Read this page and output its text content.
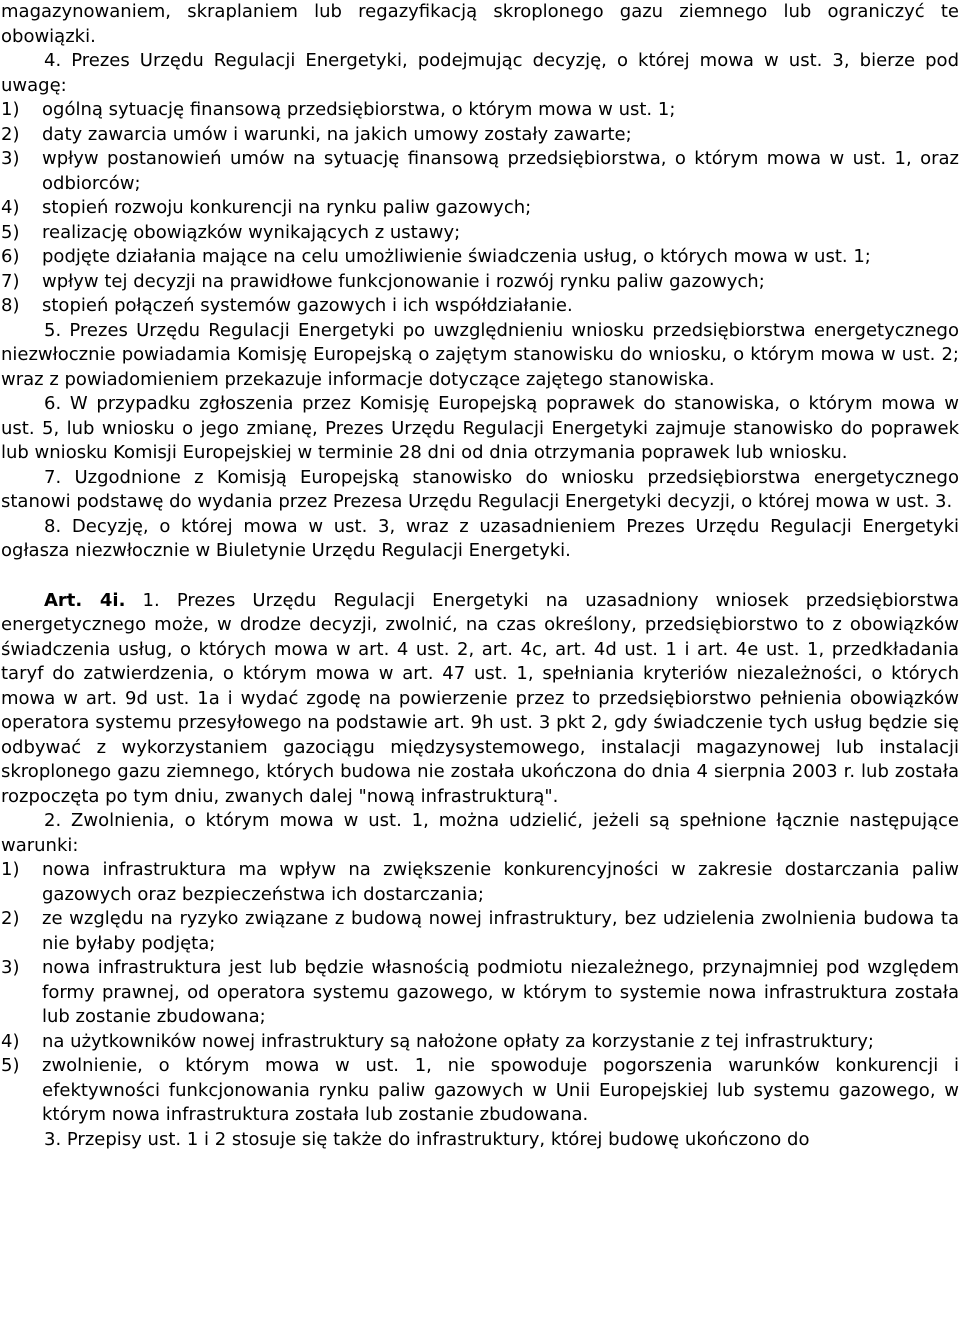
magazynowaniem, skraplaniem lub regazyfikacją skroplonego gazu ziemnego lub ograniczyć te obowiązki.

4. Prezes Urzędu Regulacji Energetyki, podejmując decyzję, o której mowa w ust. 3, bierze pod uwagę:

1)	ogólną sytuację finansową przedsiębiorstwa, o którym mowa w ust. 1;
2)	daty zawarcia umów i warunki, na jakich umowy zostały zawarte;
3)	wpływ postanowień umów na sytuację finansową przedsiębiorstwa, o którym mowa w ust. 1, oraz odbiorców;
4)	stopień rozwoju konkurencji na rynku paliw gazowych;
5)	realizację obowiązków wynikających z ustawy;
6)	podjęte działania mające na celu umożliwienie świadczenia usług, o których mowa w ust. 1;
7)	wpływ tej decyzji na prawidłowe funkcjonowanie i rozwój rynku paliw gazowych;
8)	stopień połączeń systemów gazowych i ich współdziałanie.

5. Prezes Urzędu Regulacji Energetyki po uwzględnieniu wniosku przedsiębiorstwa energetycznego niezwłocznie powiadamia Komisję Europejską o zajętym stanowisku do wniosku, o którym mowa w ust. 2; wraz z powiadomieniem przekazuje informacje dotyczące zajętego stanowiska.

6. W przypadku zgłoszenia przez Komisję Europejską poprawek do stanowiska, o którym mowa w ust. 5, lub wniosku o jego zmianę, Prezes Urzędu Regulacji Energetyki zajmuje stanowisko do poprawek lub wniosku Komisji Europejskiej w terminie 28 dni od dnia otrzymania poprawek lub wniosku.

7. Uzgodnione z Komisją Europejską stanowisko do wniosku przedsiębiorstwa energetycznego stanowi podstawę do wydania przez Prezesa Urzędu Regulacji Energetyki decyzji, o której mowa w ust. 3.

8. Decyzję, o której mowa w ust. 3, wraz z uzasadnieniem Prezes Urzędu Regulacji Energetyki ogłasza niezwłocznie w Biuletynie Urzędu Regulacji Energetyki.

Art. 4i. 1. Prezes Urzędu Regulacji Energetyki na uzasadniony wniosek przedsiębiorstwa energetycznego może, w drodze decyzji, zwolnić, na czas określony, przedsiębiorstwo to z obowiązków świadczenia usług, o których mowa w art. 4 ust. 2, art. 4c, art. 4d ust. 1 i art. 4e ust. 1, przedkładania taryf do zatwierdzenia, o którym mowa w art. 47 ust. 1, spełniania kryteriów niezależności, o których mowa w art. 9d ust. 1a i wydać zgodę na powierzenie przez to przedsiębiorstwo pełnienia obowiązków operatora systemu przesyłowego na podstawie art. 9h ust. 3 pkt 2, gdy świadczenie tych usług będzie się odbywać z wykorzystaniem gazociągu międzysystemowego, instalacji magazynowej lub instalacji skroplonego gazu ziemnego, których budowa nie została ukończona do dnia 4 sierpnia 2003 r. lub została rozpoczęta po tym dniu, zwanych dalej "nową infrastrukturą".

2. Zwolnienia, o którym mowa w ust. 1, można udzielić, jeżeli są spełnione łącznie następujące warunki:

1)	nowa infrastruktura ma wpływ na zwiększenie konkurencyjności w zakresie dostarczania paliw gazowych oraz bezpieczeństwa ich dostarczania;
2)	ze względu na ryzyko związane z budową nowej infrastruktury, bez udzielenia zwolnienia budowa ta nie byłaby podjęta;
3)	nowa infrastruktura jest lub będzie własnością podmiotu niezależnego, przynajmniej pod względem formy prawnej, od operatora systemu gazowego, w którym to systemie nowa infrastruktura została lub zostanie zbudowana;
4)	na użytkowników nowej infrastruktury są nałożone opłaty za korzystanie z tej infrastruktury;
5)	zwolnienie, o którym mowa w ust. 1, nie spowoduje pogorszenia warunków konkurencji i efektywności funkcjonowania rynku paliw gazowych w Unii Europejskiej lub systemu gazowego, w którym nowa infrastruktura została lub zostanie zbudowana.

3. Przepisy ust. 1 i 2 stosuje się także do infrastruktury, której budowę ukończono do
